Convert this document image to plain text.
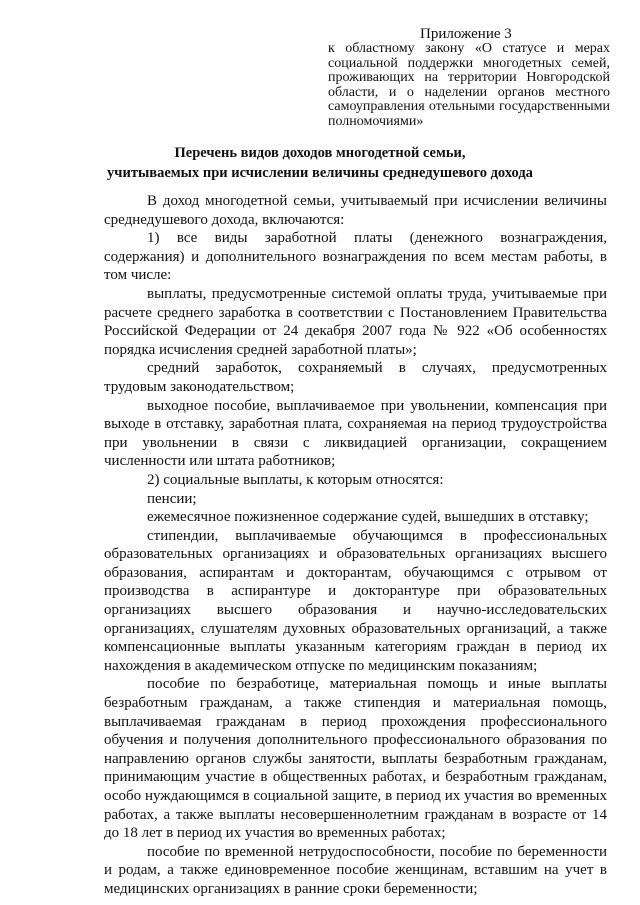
Приложение 3

к областному закону «О статусе и мерах социальной поддержки многодетных семей, проживающих на территории Новгородской области, и о наделении органов местного самоуправления отельными государственными полномочиями»

Перечень видов доходов многодетной семьи,
учитываемых при исчислении величины среднедушевого дохода

В доход многодетной семьи, учитываемый при исчислении величины среднедушевого дохода, включаются:

1) все виды заработной платы (денежного вознаграждения, содержания) и дополнительного вознаграждения по всем местам работы, в том числе:

выплаты, предусмотренные системой оплаты труда, учитываемые при расчете среднего заработка в соответствии с Постановлением Правительства Российской Федерации от 24 декабря 2007 года № 922 «Об особенностях порядка исчисления средней заработной платы»;

средний заработок, сохраняемый в случаях, предусмотренных трудовым законодательством;

выходное пособие, выплачиваемое при увольнении, компенсация при выходе в отставку, заработная плата, сохраняемая на период трудоустройства при увольнении в связи с ликвидацией организации, сокращением численности или штата работников;

2) социальные выплаты, к которым относятся:

пенсии;

ежемесячное пожизненное содержание судей, вышедших в отставку;

стипендии, выплачиваемые обучающимся в профессиональных образовательных организациях и образовательных организациях высшего образования, аспирантам и докторантам, обучающимся с отрывом от производства в аспирантуре и докторантуре при образовательных организациях высшего образования и научно-исследовательских организациях, слушателям духовных образовательных организаций, а также компенсационные выплаты указанным категориям граждан в период их нахождения в академическом отпуске по медицинским показаниям;

пособие по безработице, материальная помощь и иные выплаты безработным гражданам, а также стипендия и материальная помощь, выплачиваемая гражданам в период прохождения профессионального обучения и получения дополнительного профессионального образования по направлению органов службы занятости, выплаты безработным гражданам, принимающим участие в общественных работах, и безработным гражданам, особо нуждающимся в социальной защите, в период их участия во временных работах, а также выплаты несовершеннолетним гражданам в возрасте от 14 до 18 лет в период их участия во временных работах;

пособие по временной нетрудоспособности, пособие по беременности и родам, а также единовременное пособие женщинам, вставшим на учет в медицинских организациях в ранние сроки беременности;
